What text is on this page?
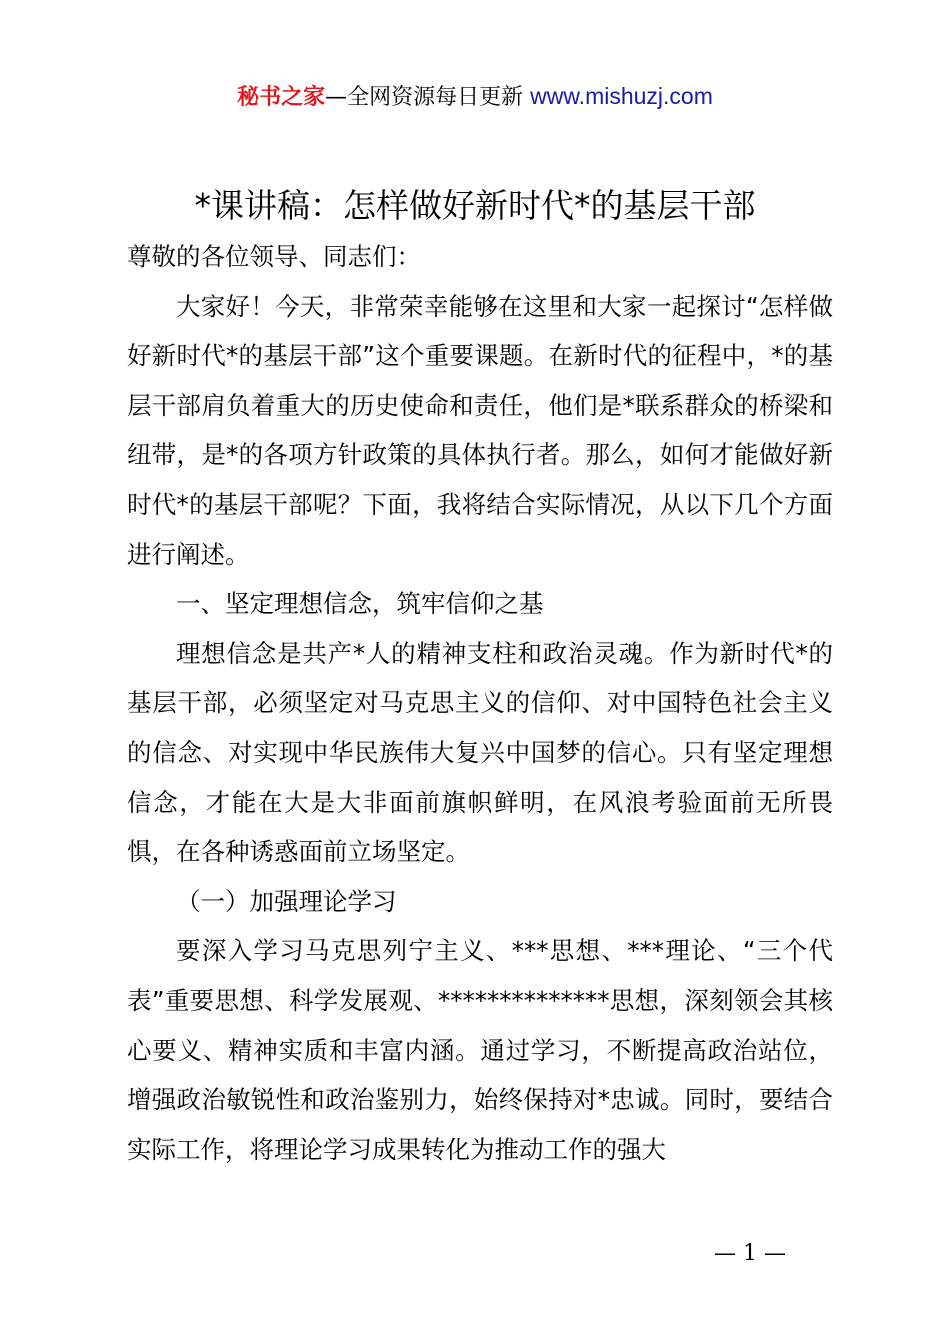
秘书之家—全网资源每日更新 www.mishuzj.com
*课讲稿：怎样做好新时代*的基层干部

尊敬的各位领导、同志们：

大家好！今天，非常荣幸能够在这里和大家一起探讨“怎样做好新时代*的基层干部”这个重要课题。在新时代的征程中，*的基层干部肩负着重大的历史使命和责任，他们是*联系群众的桥梁和纽带，是*的各项方针政策的具体执行者。那么，如何才能做好新时代*的基层干部呢？下面，我将结合实际情况，从以下几个方面进行阐述。

一、坚定理想信念，筑牢信仰之基

理想信念是共产*人的精神支柱和政治灵魂。作为新时代*的基层干部，必须坚定对马克思主义的信仰、对中国特色社会主义的信念、对实现中华民族伟大复兴中国梦的信心。只有坚定理想信念，才能在大是大非面前旗帜鲜明，在风浪考验面前无所畏惧，在各种诱惑面前立场坚定。

（一）加强理论学习

要深入学习马克思列宁主义、***思想、***理论、“三个代表”重要思想、科学发展观、**************思想，深刻领会其核心要义、精神实质和丰富内涵。通过学习，不断提高政治站位，增强政治敏锐性和政治鉴别力，始终保持对*忠诚。同时，要结合实际工作，将理论学习成果转化为推动工作的强大

— 1 —
